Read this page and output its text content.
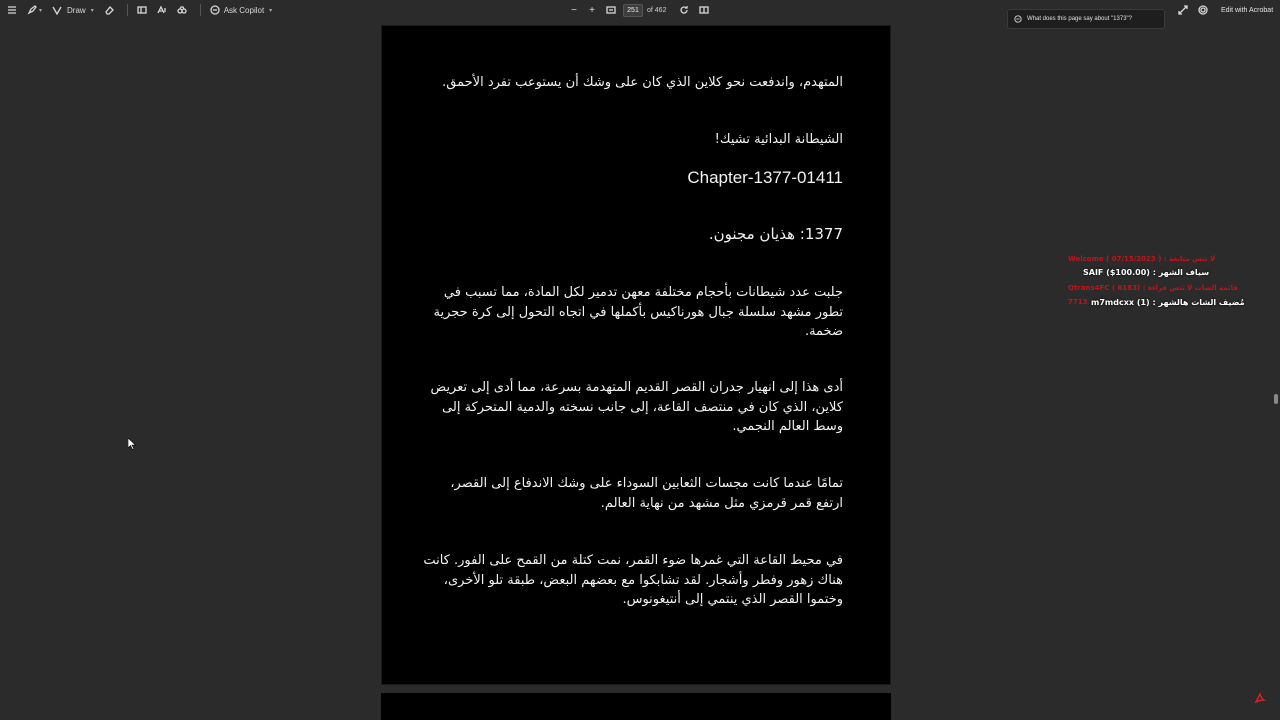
▾	Draw ▾	Ask Copilot ▾	−	+	251	of 462	Edit with Acrobat
What does this page say about "1373"?
المتهدم، واندفعت نحو كلاين الذي كان على وشك أن يستوعب تفرد الأحمق.
الشيطانة البدائية تشيك!
Chapter-1377-01411
1377: هذيان مجنون.
جلبت عدد شيطانات بأحجام مختلفة معهن تدمير لكل المادة، مما تسبب في تطور مشهد سلسلة جبال هورناكيس بأكملها في اتجاه التحول إلى كرة حجرية ضخمة.
أدى هذا إلى انهيار جدران القصر القديم المتهدمة بسرعة، مما أدى إلى تعريض كلاين، الذي كان في منتصف القاعة، إلى جانب نسخته والدمية المتحركة إلى وسط العالم النجمي.
تمامًا عندما كانت مجسات الثعابين السوداء على وشك الاندفاع إلى القصر، ارتفع قمر قرمزي مثل مشهد من نهاية العالم.
في محيط القاعة التي غمرها ضوء القمر، نمت كتلة من القمح على الفور. كانت هناك زهور وفطر وأشجار. لقد تشابكوا مع بعضهم البعض، طبقة تلو الأخرى، وختموا القصر الذي ينتمي إلى أنتيغونوس.
Welcome ( 07/15/2023 ) : لا تنس متابعة
SAIF ($100.00) : سياف الشهر
Qtrans4FC ( 6183) : قائمة الشات لا تنس قراءة
7713 m7mdcxx (1) : مُضيف الشات هالشهر
